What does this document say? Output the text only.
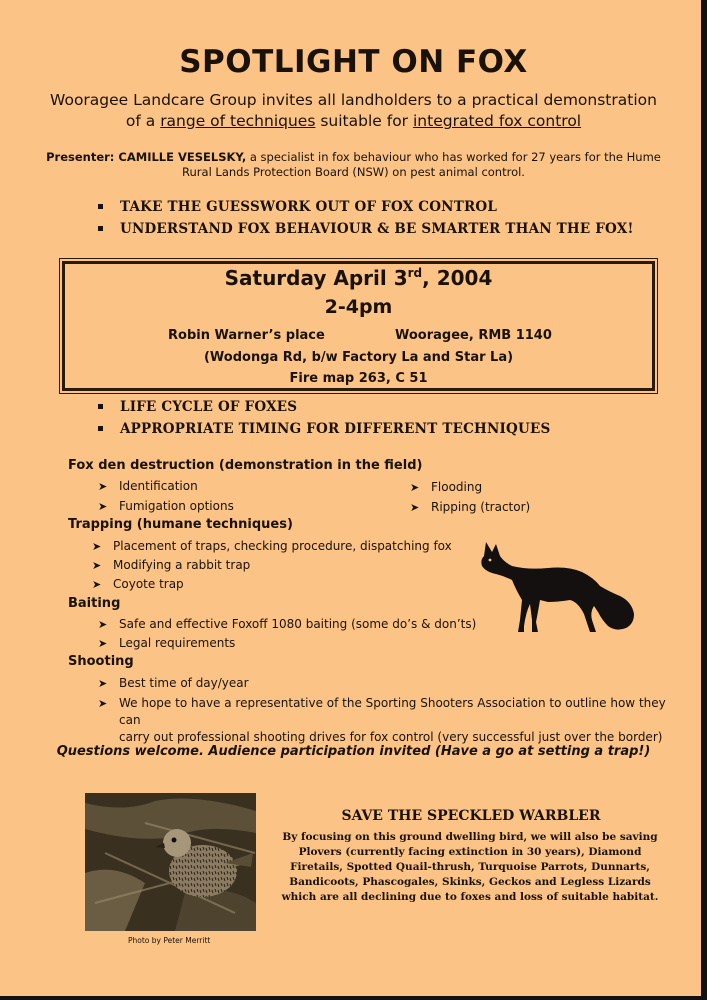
SPOTLIGHT ON FOX
Wooragee Landcare Group invites all landholders to a practical demonstration
of a range of techniques suitable for integrated fox control
Presenter: CAMILLE VESELSKY, a specialist in fox behaviour who has worked for 27 years for the Hume Rural Lands Protection Board (NSW) on pest animal control.
TAKE THE GUESSWORK OUT OF FOX CONTROL
UNDERSTAND FOX BEHAVIOUR & BE SMARTER THAN THE FOX!
Saturday April 3rd, 2004
2-4pm
Robin Warner’s place	Wooragee, RMB 1140
(Wodonga Rd, b/w Factory La and Star La)
Fire map 263, C 51
LIFE CYCLE OF FOXES
APPROPRIATE TIMING FOR DIFFERENT TECHNIQUES
Fox den destruction (demonstration in the field)
➤ Identification
➤ Fumigation options
➤ Flooding
➤ Ripping (tractor)
Trapping (humane techniques)
➤ Placement of traps, checking procedure, dispatching fox
➤ Modifying a rabbit trap
➤ Coyote trap
Baiting
➤ Safe and effective Foxoff 1080 baiting (some do’s & don’ts)
➤ Legal requirements
Shooting
➤ Best time of day/year
➤ We hope to have a representative of the Sporting Shooters Association to outline how they can
carry out professional shooting drives for fox control (very successful just over the border)
Questions welcome. Audience participation invited (Have a go at setting a trap!)
Photo by Peter Merritt
SAVE THE SPECKLED WARBLER
By focusing on this ground dwelling bird, we will also be saving
Plovers (currently facing extinction in 30 years), Diamond
Firetails, Spotted Quail-thrush, Turquoise Parrots, Dunnarts,
Bandicoots, Phascogales, Skinks, Geckos and Legless Lizards
which are all declining due to foxes and loss of suitable habitat.
